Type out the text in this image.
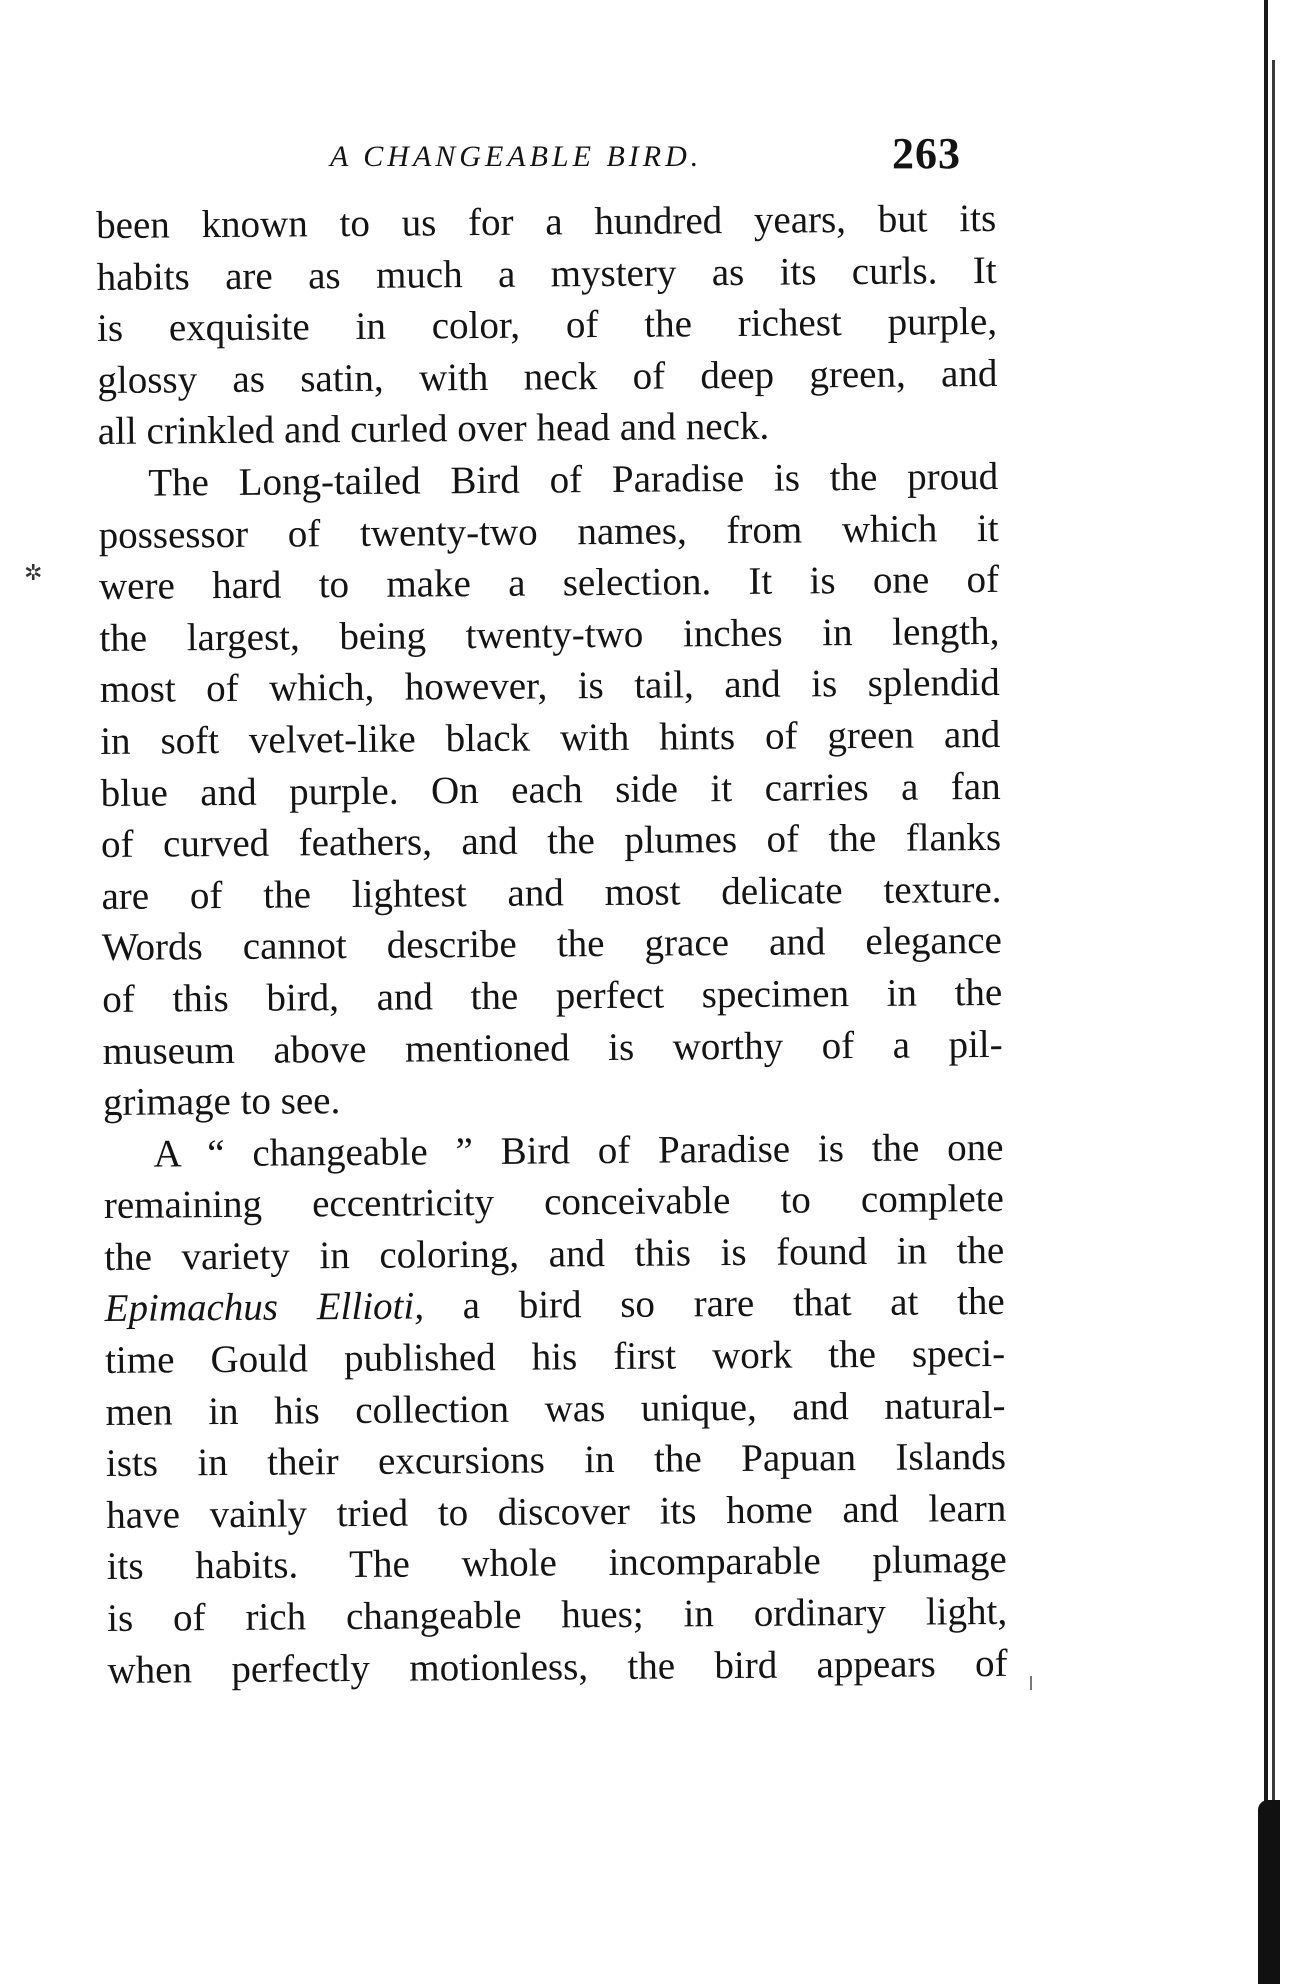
A CHANGEABLE BIRD.	263
been known to us for a hundred years, but its
habits are as much a mystery as its curls. It
is exquisite in color, of the richest purple,
glossy as satin, with neck of deep green, and
all crinkled and curled over head and neck.
The Long-tailed Bird of Paradise is the proud
possessor of twenty-two names, from which it
were hard to make a selection. It is one of
the largest, being twenty-two inches in length,
most of which, however, is tail, and is splendid
in soft velvet-like black with hints of green and
blue and purple. On each side it carries a fan
of curved feathers, and the plumes of the flanks
are of the lightest and most delicate texture.
Words cannot describe the grace and elegance
of this bird, and the perfect specimen in the
museum above mentioned is worthy of a pil-
grimage to see.
A “ changeable ” Bird of Paradise is the one
remaining eccentricity conceivable to complete
the variety in coloring, and this is found in the
Epimachus Ellioti, a bird so rare that at the
time Gould published his first work the speci-
men in his collection was unique, and natural-
ists in their excursions in the Papuan Islands
have vainly tried to discover its home and learn
its habits. The whole incomparable plumage
is of rich changeable hues; in ordinary light,
when perfectly motionless, the bird appears of
✲
